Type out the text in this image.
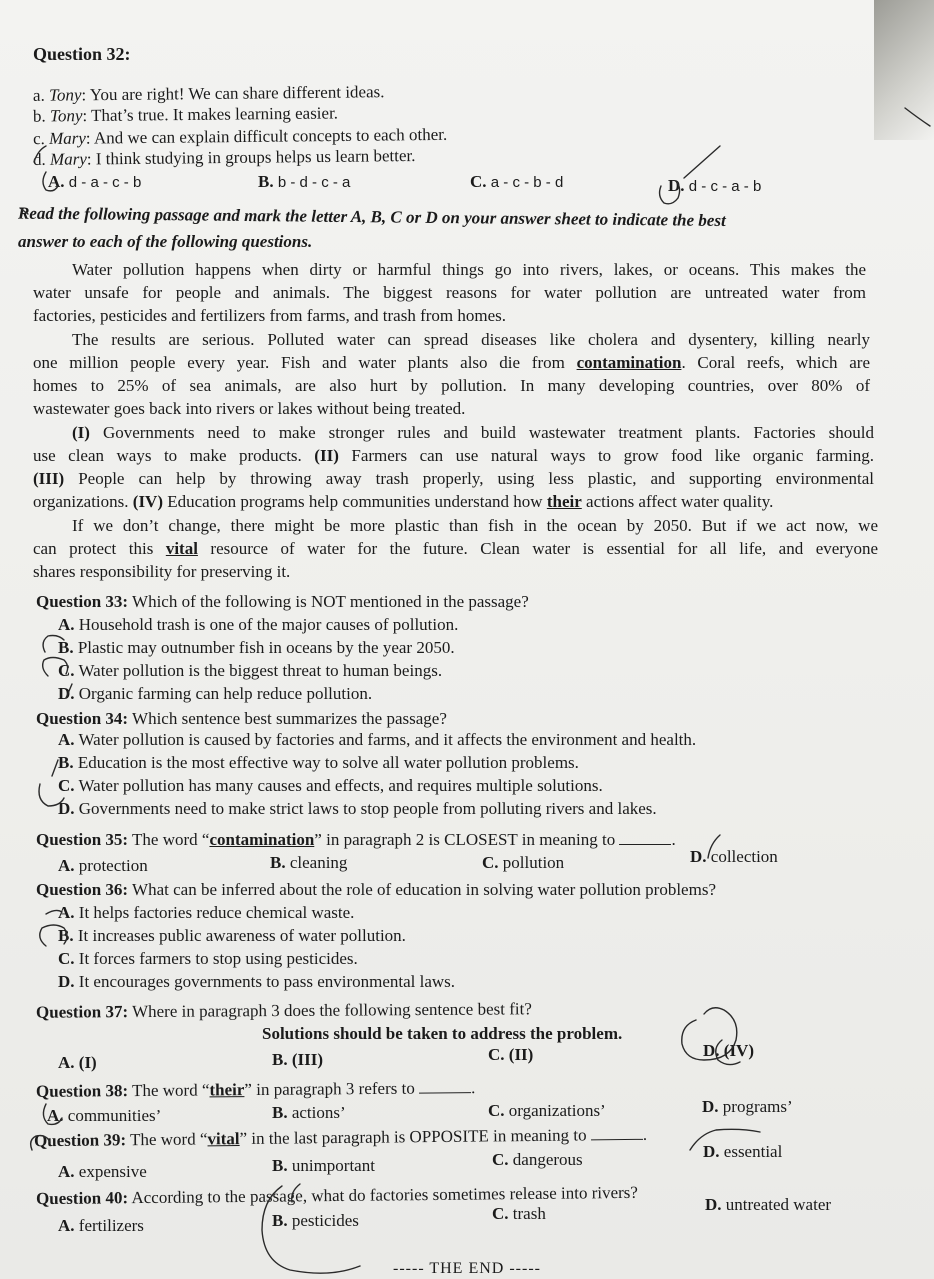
Question 32:
a. Tony: You are right! We can share different ideas.
b. Tony: That’s true. It makes learning easier.
c. Mary: And we can explain difficult concepts to each other.
d. Mary: I think studying in groups helps us learn better.
A. d - a - c - b	B. b - d - c - a	C. a - c - b - d	D. d - c - a - b
Read the following passage and mark the letter A, B, C or D on your answer sheet to indicate the best
answer to each of the following questions.
Water pollution happens when dirty or harmful things go into rivers, lakes, or oceans. This makes the
water unsafe for people and animals. The biggest reasons for water pollution are untreated water from
factories, pesticides and fertilizers from farms, and trash from homes.
The results are serious. Polluted water can spread diseases like cholera and dysentery, killing nearly
one million people every year. Fish and water plants also die from contamination. Coral reefs, which are
homes to 25% of sea animals, are also hurt by pollution. In many developing countries, over 80% of
wastewater goes back into rivers or lakes without being treated.
(I) Governments need to make stronger rules and build wastewater treatment plants. Factories should
use clean ways to make products. (II) Farmers can use natural ways to grow food like organic farming.
(III) People can help by throwing away trash properly, using less plastic, and supporting environmental
organizations. (IV) Education programs help communities understand how their actions affect water quality.
If we don’t change, there might be more plastic than fish in the ocean by 2050. But if we act now, we
can protect this vital resource of water for the future. Clean water is essential for all life, and everyone
shares responsibility for preserving it.
Question 33: Which of the following is NOT mentioned in the passage?
A. Household trash is one of the major causes of pollution.
B. Plastic may outnumber fish in oceans by the year 2050.
C. Water pollution is the biggest threat to human beings.
D. Organic farming can help reduce pollution.
Question 34: Which sentence best summarizes the passage?
A. Water pollution is caused by factories and farms, and it affects the environment and health.
B. Education is the most effective way to solve all water pollution problems.
C. Water pollution has many causes and effects, and requires multiple solutions.
D. Governments need to make strict laws to stop people from polluting rivers and lakes.
Question 35: The word “contamination” in paragraph 2 is CLOSEST in meaning to	.
A. protection	B. cleaning	C. pollution	D. collection
Question 36: What can be inferred about the role of education in solving water pollution problems?
A. It helps factories reduce chemical waste.
B. It increases public awareness of water pollution.
C. It forces farmers to stop using pesticides.
D. It encourages governments to pass environmental laws.
Question 37: Where in paragraph 3 does the following sentence best fit?
Solutions should be taken to address the problem.
A. (I)	B. (III)	C. (II)	D. (IV)
Question 38: The word “their” in paragraph 3 refers to	.
A. communities’	B. actions’	C. organizations’	D. programs’
Question 39: The word “vital” in the last paragraph is OPPOSITE in meaning to	.
A. expensive	B. unimportant	C. dangerous	D. essential
Question 40: According to the passage, what do factories sometimes release into rivers?
A. fertilizers	B. pesticides	C. trash	D. untreated water
----- THE END -----
